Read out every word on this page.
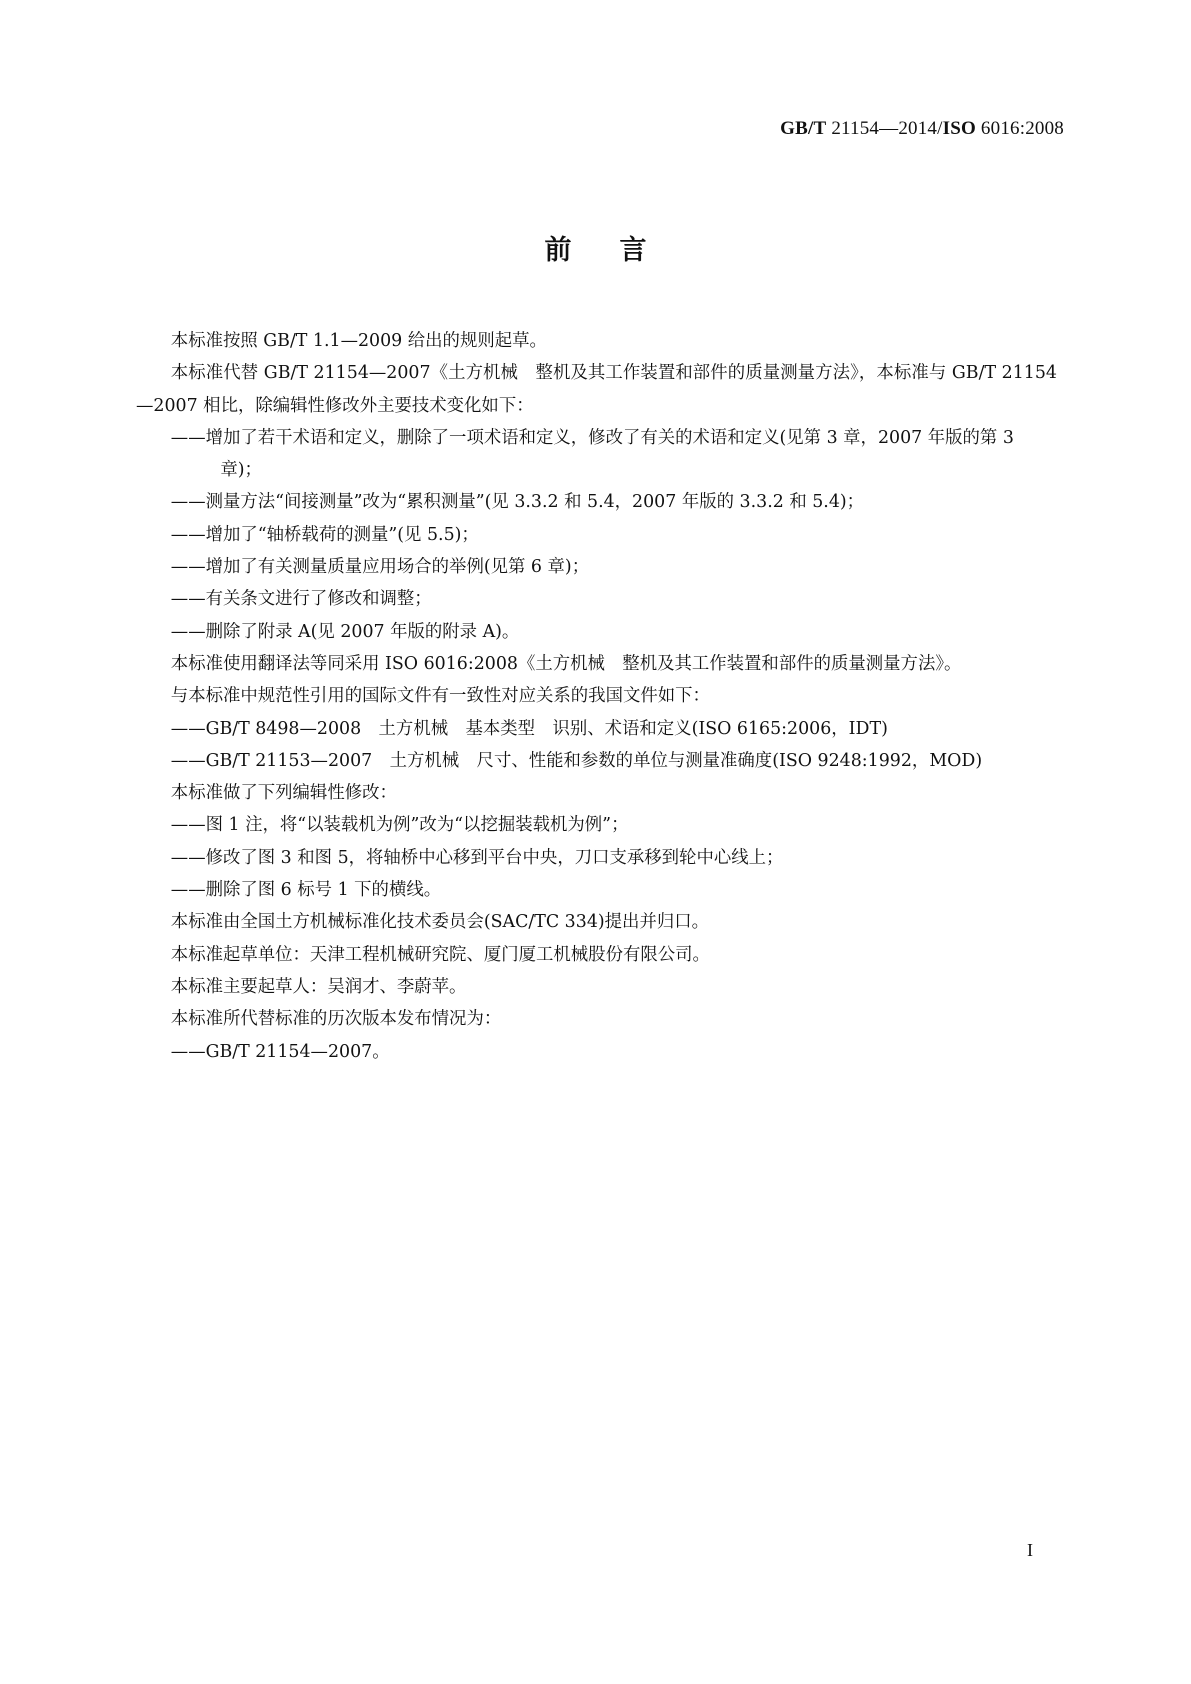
GB/T 21154—2014/ISO 6016:2008
前言

本标准按照 GB/T 1.1—2009 给出的规则起草。

本标准代替 GB/T 21154—2007《土方机械　整机及其工作装置和部件的质量测量方法》，本标准与 GB/T 21154—2007 相比，除编辑性修改外主要技术变化如下：

——增加了若干术语和定义，删除了一项术语和定义，修改了有关的术语和定义(见第 3 章，2007 年版的第 3 章)；

——测量方法“间接测量”改为“累积测量”(见 3.3.2 和 5.4，2007 年版的 3.3.2 和 5.4)；

——增加了“轴桥载荷的测量”(见 5.5)；

——增加了有关测量质量应用场合的举例(见第 6 章)；

——有关条文进行了修改和调整；

——删除了附录 A(见 2007 年版的附录 A)。

本标准使用翻译法等同采用 ISO 6016:2008《土方机械　整机及其工作装置和部件的质量测量方法》。

与本标准中规范性引用的国际文件有一致性对应关系的我国文件如下：

——GB/T 8498—2008　土方机械　基本类型　识别、术语和定义(ISO 6165:2006，IDT)

——GB/T 21153—2007　土方机械　尺寸、性能和参数的单位与测量准确度(ISO 9248:1992，MOD)

本标准做了下列编辑性修改：

——图 1 注，将“以装载机为例”改为“以挖掘装载机为例”；

——修改了图 3 和图 5，将轴桥中心移到平台中央，刀口支承移到轮中心线上；

——删除了图 6 标号 1 下的横线。

本标准由全国土方机械标准化技术委员会(SAC/TC 334)提出并归口。

本标准起草单位：天津工程机械研究院、厦门厦工机械股份有限公司。

本标准主要起草人：吴润才、李蔚苹。

本标准所代替标准的历次版本发布情况为：

——GB/T 21154—2007。

I
